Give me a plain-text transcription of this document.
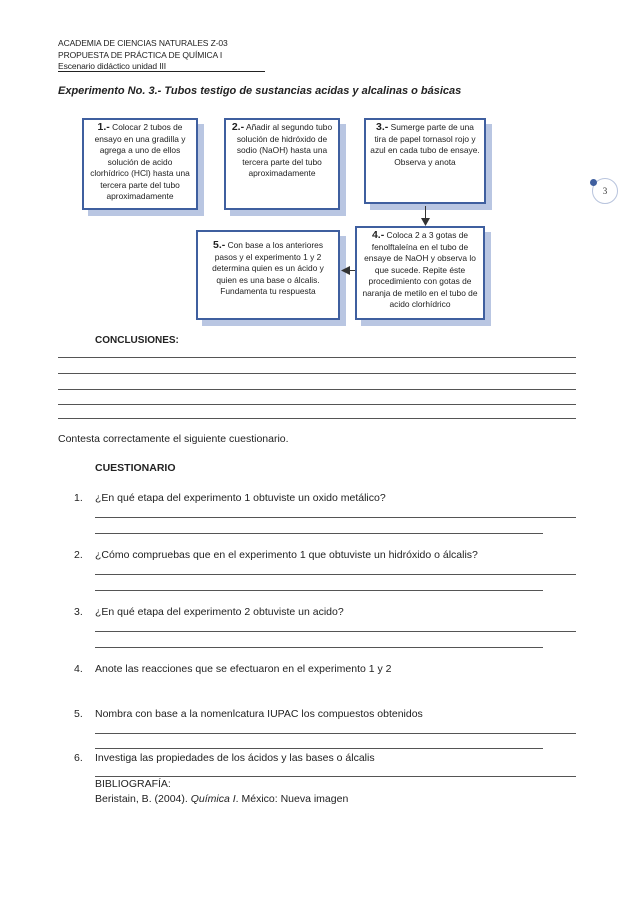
ACADEMIA DE CIENCIAS NATURALES Z-03
PROPUESTA DE PRÁCTICA DE QUÍMICA I
Escenario didáctico unidad III
Experimento No. 3.- Tubos testigo de sustancias acidas y alcalinas o básicas
1.- Colocar 2 tubos de ensayo en una gradilla y agrega a uno de ellos solución de acido clorhídrico (HCl) hasta una tercera parte del tubo aproximadamente
2.- Añadir al segundo tubo solución de hidróxido de sodio (NaOH) hasta una tercera parte del tubo aproximadamente
3.- Sumerge parte de una tira de papel tornasol rojo y azul en cada tubo de ensaye. Observa y anota
4.- Coloca 2 a 3 gotas de fenolftaleína en el tubo de ensaye de NaOH y observa lo que sucede. Repite éste procedimiento con gotas de naranja de metilo en el tubo de acido clorhídrico
5.- Con base a los anteriores pasos y el experimento 1 y 2 determina quien es un ácido y quien es una base o álcalis. Fundamenta tu respuesta
3
CONCLUSIONES:
Contesta correctamente el siguiente cuestionario.
CUESTIONARIO
1. ¿En qué etapa del experimento 1 obtuviste un oxido metálico?
2. ¿Cómo compruebas que en el experimento 1 que obtuviste un hidróxido o álcalis?
3. ¿En qué etapa del experimento 2 obtuviste un acido?
4. Anote las reacciones que se efectuaron en el experimento 1 y 2
5. Nombra con base a la nomenlcatura IUPAC los compuestos obtenidos
6. Investiga las propiedades de los ácidos y las bases o álcalis
BIBLIOGRAFÍA:
Beristain, B. (2004). Química I. México: Nueva imagen
